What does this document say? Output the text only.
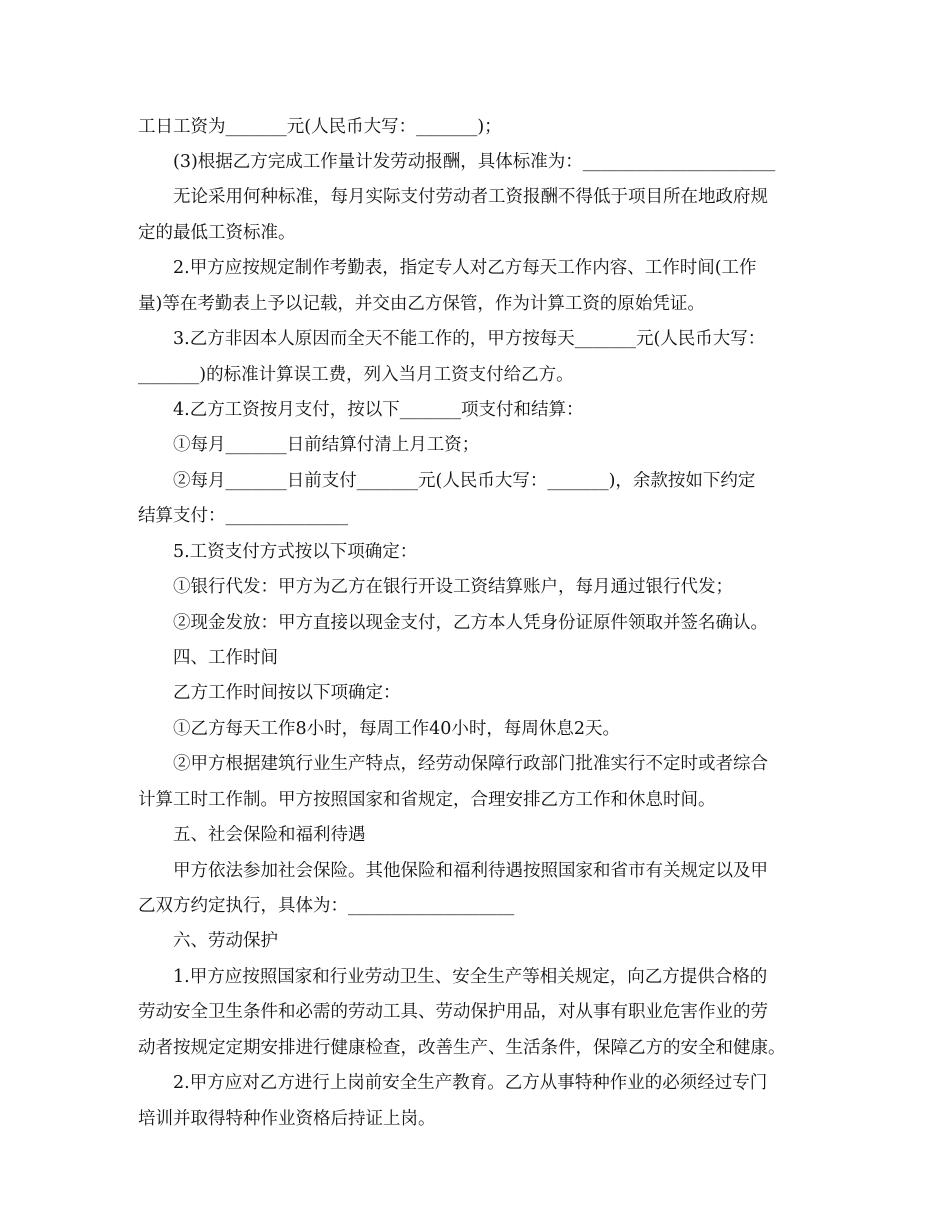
工日工资为_______元(人民币大写：_______)；
(3)根据乙方完成工作量计发劳动报酬，具体标准为：______________________
无论采用何种标准，每月实际支付劳动者工资报酬不得低于项目所在地政府规
定的最低工资标准。
2.甲方应按规定制作考勤表，指定专人对乙方每天工作内容、工作时间(工作
量)等在考勤表上予以记载，并交由乙方保管，作为计算工资的原始凭证。
3.乙方非因本人原因而全天不能工作的，甲方按每天_______元(人民币大写：
_______)的标准计算误工费，列入当月工资支付给乙方。
4.乙方工资按月支付，按以下_______项支付和结算：
①每月_______日前结算付清上月工资；
②每月_______日前支付_______元(人民币大写：_______)，余款按如下约定
结算支付：______________
5.工资支付方式按以下项确定：
①银行代发：甲方为乙方在银行开设工资结算账户，每月通过银行代发；
②现金发放：甲方直接以现金支付，乙方本人凭身份证原件领取并签名确认。
四、工作时间
乙方工作时间按以下项确定：
①乙方每天工作8小时，每周工作40小时，每周休息2天。
②甲方根据建筑行业生产特点，经劳动保障行政部门批准实行不定时或者综合
计算工时工作制。甲方按照国家和省规定，合理安排乙方工作和休息时间。
五、社会保险和福利待遇
甲方依法参加社会保险。其他保险和福利待遇按照国家和省市有关规定以及甲
乙双方约定执行，具体为：___________________
六、劳动保护
1.甲方应按照国家和行业劳动卫生、安全生产等相关规定，向乙方提供合格的
劳动安全卫生条件和必需的劳动工具、劳动保护用品，对从事有职业危害作业的劳
动者按规定定期安排进行健康检查，改善生产、生活条件，保障乙方的安全和健康。
2.甲方应对乙方进行上岗前安全生产教育。乙方从事特种作业的必须经过专门
培训并取得特种作业资格后持证上岗。
